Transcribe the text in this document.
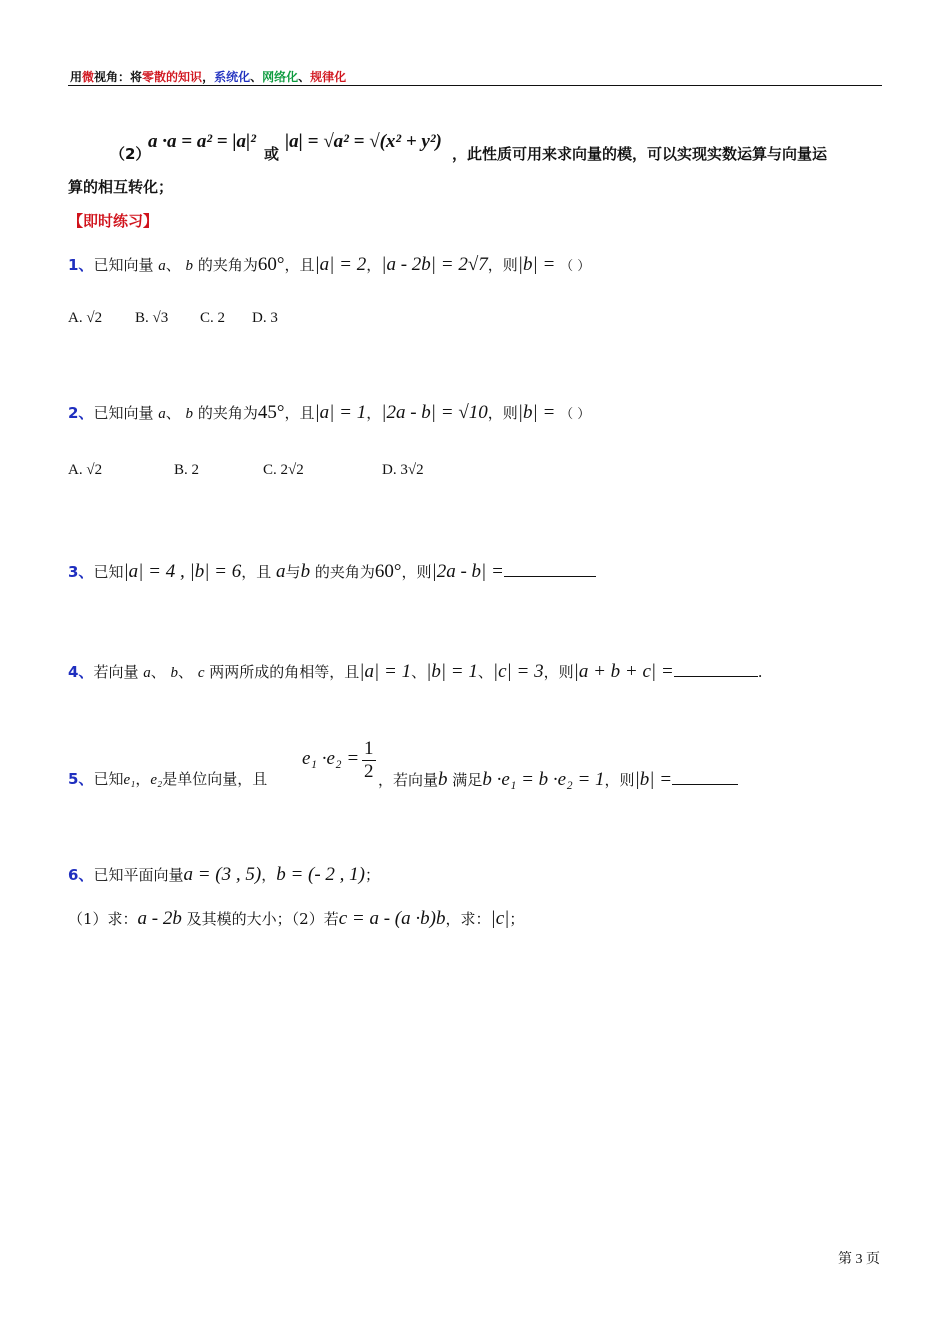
用微视角：将零散的知识，系统化、网络化、规律化
（2）
a ·a = a² = |a|²
或
|a| = √a² = √(x² + y²)
，此性质可用来求向量的模，可以实现实数运算与向量运
算的相互转化；
【即时练习】
1、已知向量 a、 b 的夹角为60°，且|a| = 2，|a - 2b| = 2√7，则|b| = （ ）
A. √2 B. √3 C. 2 D. 3
2、已知向量 a、 b 的夹角为45°，且|a| = 1，|2a - b| = √10，则|b| = （ ）
A. √2	B. 2	C. 2√2	D. 3√2
3、已知|a| = 4 , |b| = 6，且 a与b 的夹角为60°，则|2a - b| =
4、若向量 a、 b、 c 两两所成的角相等，且|a| = 1、|b| = 1、|c| = 3，则|a + b + c| =	.
5、已知e₁，e₂是单位向量，且
$e_1 \cdot e_2 = \frac{1}{2}$ ，若向量b 满足b ·e₁ = b ·e₂ = 1，则|b| =
6、已知平面向量a = (3 , 5)，b = (- 2 , 1)；
（1）求：a - 2b 及其模的大小；（2）若c = a - (a ·b)b，求：|c|；
第 3 页
